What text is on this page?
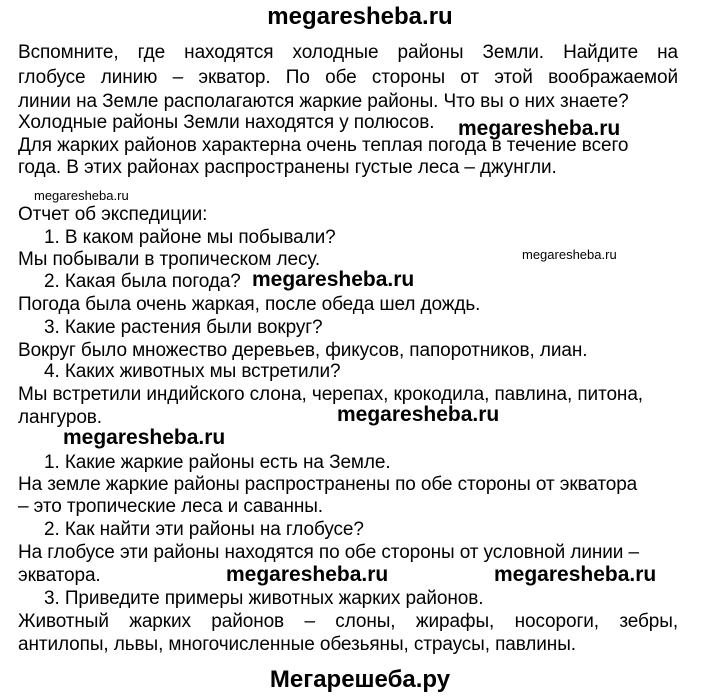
megaresheba.ru
Вспомните, где находятся холодные районы Земли. Найдите на
глобусе линию – экватор. По обе стороны от этой воображаемой
линии на Земле располагаются жаркие районы. Что вы о них знаете?
Холодные районы Земли находятся у полюсов. megaresheba.ru
Для жарких районов характерна очень теплая погода в течение всего
года. В этих районах распространены густые леса – джунгли.
megaresheba.ru
Отчет об экспедиции:
1. В каком районе мы побывали?
Мы побывали в тропическом лесу.	megaresheba.ru
2. Какая была погода? megaresheba.ru
Погода была очень жаркая, после обеда шел дождь.
3. Какие растения были вокруг?
Вокруг было множество деревьев, фикусов, папоротников, лиан.
4. Каких животных мы встретили?
Мы встретили индийского слона, черепах, крокодила, павлина, питона,
лангуров.	megaresheba.ru
megaresheba.ru
1. Какие жаркие районы есть на Земле.
На земле жаркие районы распространены по обе стороны от экватора
– это тропические леса и саванны.
2. Как найти эти районы на глобусе?
На глобусе эти районы находятся по обе стороны от условной линии –
экватора.	megaresheba.ru	megaresheba.ru
3. Приведите примеры животных жарких районов.
Животный жарких районов – слоны, жирафы, носороги, зебры,
антилопы, львы, многочисленные обезьяны, страусы, павлины.
Мегарешеба.ру
